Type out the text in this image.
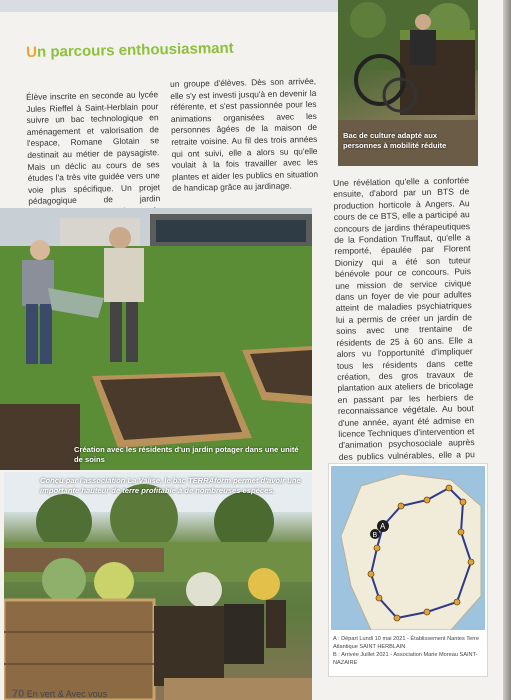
Un parcours enthousiasmant
Élève inscrite en seconde au lycée Jules Rieffel à Saint-Herblain pour suivre un bac technologique en aménagement et valorisation de l'espace, Romane Glotain se destinait au métier de paysagiste. Mais un déclic au cours de ses études l'a très vite guidée vers une voie plus spécifique. Un projet pédagogique de jardin
un groupe d'élèves. Dès son arrivée, elle s'y est investi jusqu'à en devenir la référente, et s'est passionnée pour les animations organisées avec les personnes âgées de la maison de retraite voisine. Au fil des trois années qui ont suivi, elle a alors su qu'elle voulait à la fois travailler avec les plantes et aider les publics en situation de handicap grâce au jardinage.
Bac de culture adapté aux personnes à mobilité réduite
Une révélation qu'elle a confortée ensuite, d'abord par un BTS de production horticole à Angers. Au cours de ce BTS, elle a participé au concours de jardins thérapeutiques de la Fondation Truffaut, qu'elle a remporté, épaulée par Florent Dionizy qui a été son tuteur bénévole pour ce concours. Puis une mission de service civique dans un foyer de vie pour adultes atteint de maladies psychiatriques lui a permis de créer un jardin de soins avec une trentaine de résidents de 25 à 60 ans. Elle a alors vu l'opportunité d'impliquer tous les résidents dans cette création, des gros travaux de plantation aux ateliers de bricolage en passant par les herbiers de reconnaissance végétale. Au bout d'une année, ayant été admise en licence Techniques d'intervention et d'animation psychosociale auprès des publics vulnérables, elle a pu
Création avec les résidents d'un jardin potager dans une unité de soins
Conçu par l'association La Valise, le bac TERRAform permet d'avoir une importante hauteur de terre profitable à de nombreuses espèces.
A
B
A : Départ Lundi 10 mai 2021 - Établissement Nantes Terre Atlantique SAINT HERBLAIN
B : Arrivée Juillet 2021 - Association Marie Moreau SAINT-NAZAIRE
70 En vert & Avec vous
